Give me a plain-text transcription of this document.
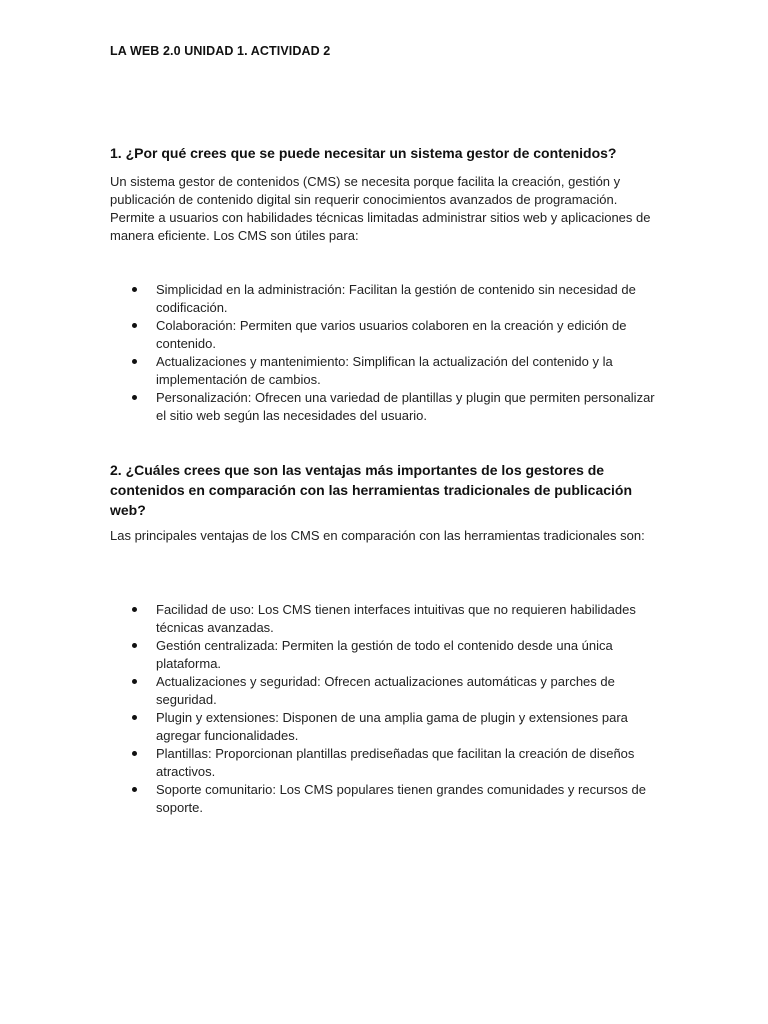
LA WEB 2.0 UNIDAD 1. ACTIVIDAD 2

1. ¿Por qué crees que se puede necesitar un sistema gestor de contenidos?

Un sistema gestor de contenidos (CMS) se necesita porque facilita la creación, gestión y publicación de contenido digital sin requerir conocimientos avanzados de programación. Permite a usuarios con habilidades técnicas limitadas administrar sitios web y aplicaciones de manera eficiente. Los CMS son útiles para:

Simplicidad en la administración: Facilitan la gestión de contenido sin necesidad de codificación.
Colaboración: Permiten que varios usuarios colaboren en la creación y edición de contenido.
Actualizaciones y mantenimiento: Simplifican la actualización del contenido y la implementación de cambios.
Personalización: Ofrecen una variedad de plantillas y plugin que permiten personalizar el sitio web según las necesidades del usuario.

2. ¿Cuáles crees que son las ventajas más importantes de los gestores de contenidos en comparación con las herramientas tradicionales de publicación web?

Las principales ventajas de los CMS en comparación con las herramientas tradicionales son:

Facilidad de uso: Los CMS tienen interfaces intuitivas que no requieren habilidades técnicas avanzadas.
Gestión centralizada: Permiten la gestión de todo el contenido desde una única plataforma.
Actualizaciones y seguridad: Ofrecen actualizaciones automáticas y parches de seguridad.
Plugin y extensiones: Disponen de una amplia gama de plugin y extensiones para agregar funcionalidades.
Plantillas: Proporcionan plantillas prediseñadas que facilitan la creación de diseños atractivos.
Soporte comunitario: Los CMS populares tienen grandes comunidades y recursos de soporte.
